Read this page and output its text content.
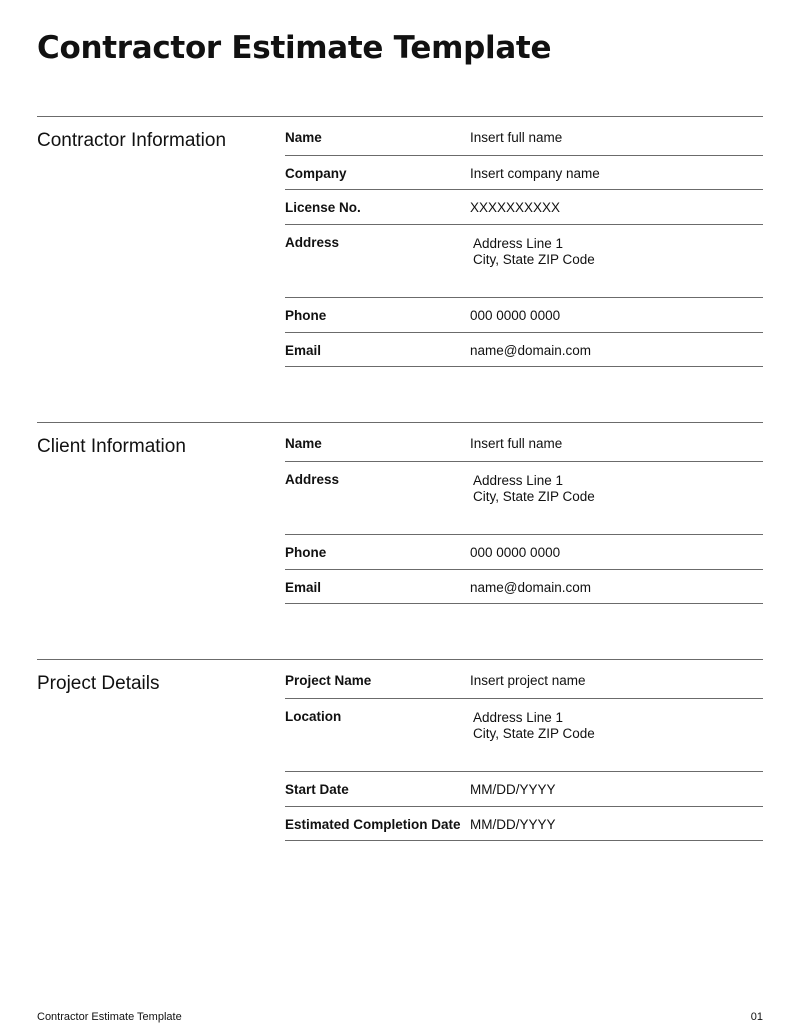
Contractor Estimate Template
Contractor Information	Name	Insert full name
Company	Insert company name
License No.	XXXXXXXXXX
Address	Address Line 1
City, State ZIP Code
Phone	000 0000 0000
Email	name@domain.com
Client Information	Name	Insert full name
Address	Address Line 1
City, State ZIP Code
Phone	000 0000 0000
Email	name@domain.com
Project Details	Project Name	Insert project name
Location	Address Line 1
City, State ZIP Code
Start Date	MM/DD/YYYY
Estimated Completion Date MM/DD/YYYY
Contractor Estimate Template	01
